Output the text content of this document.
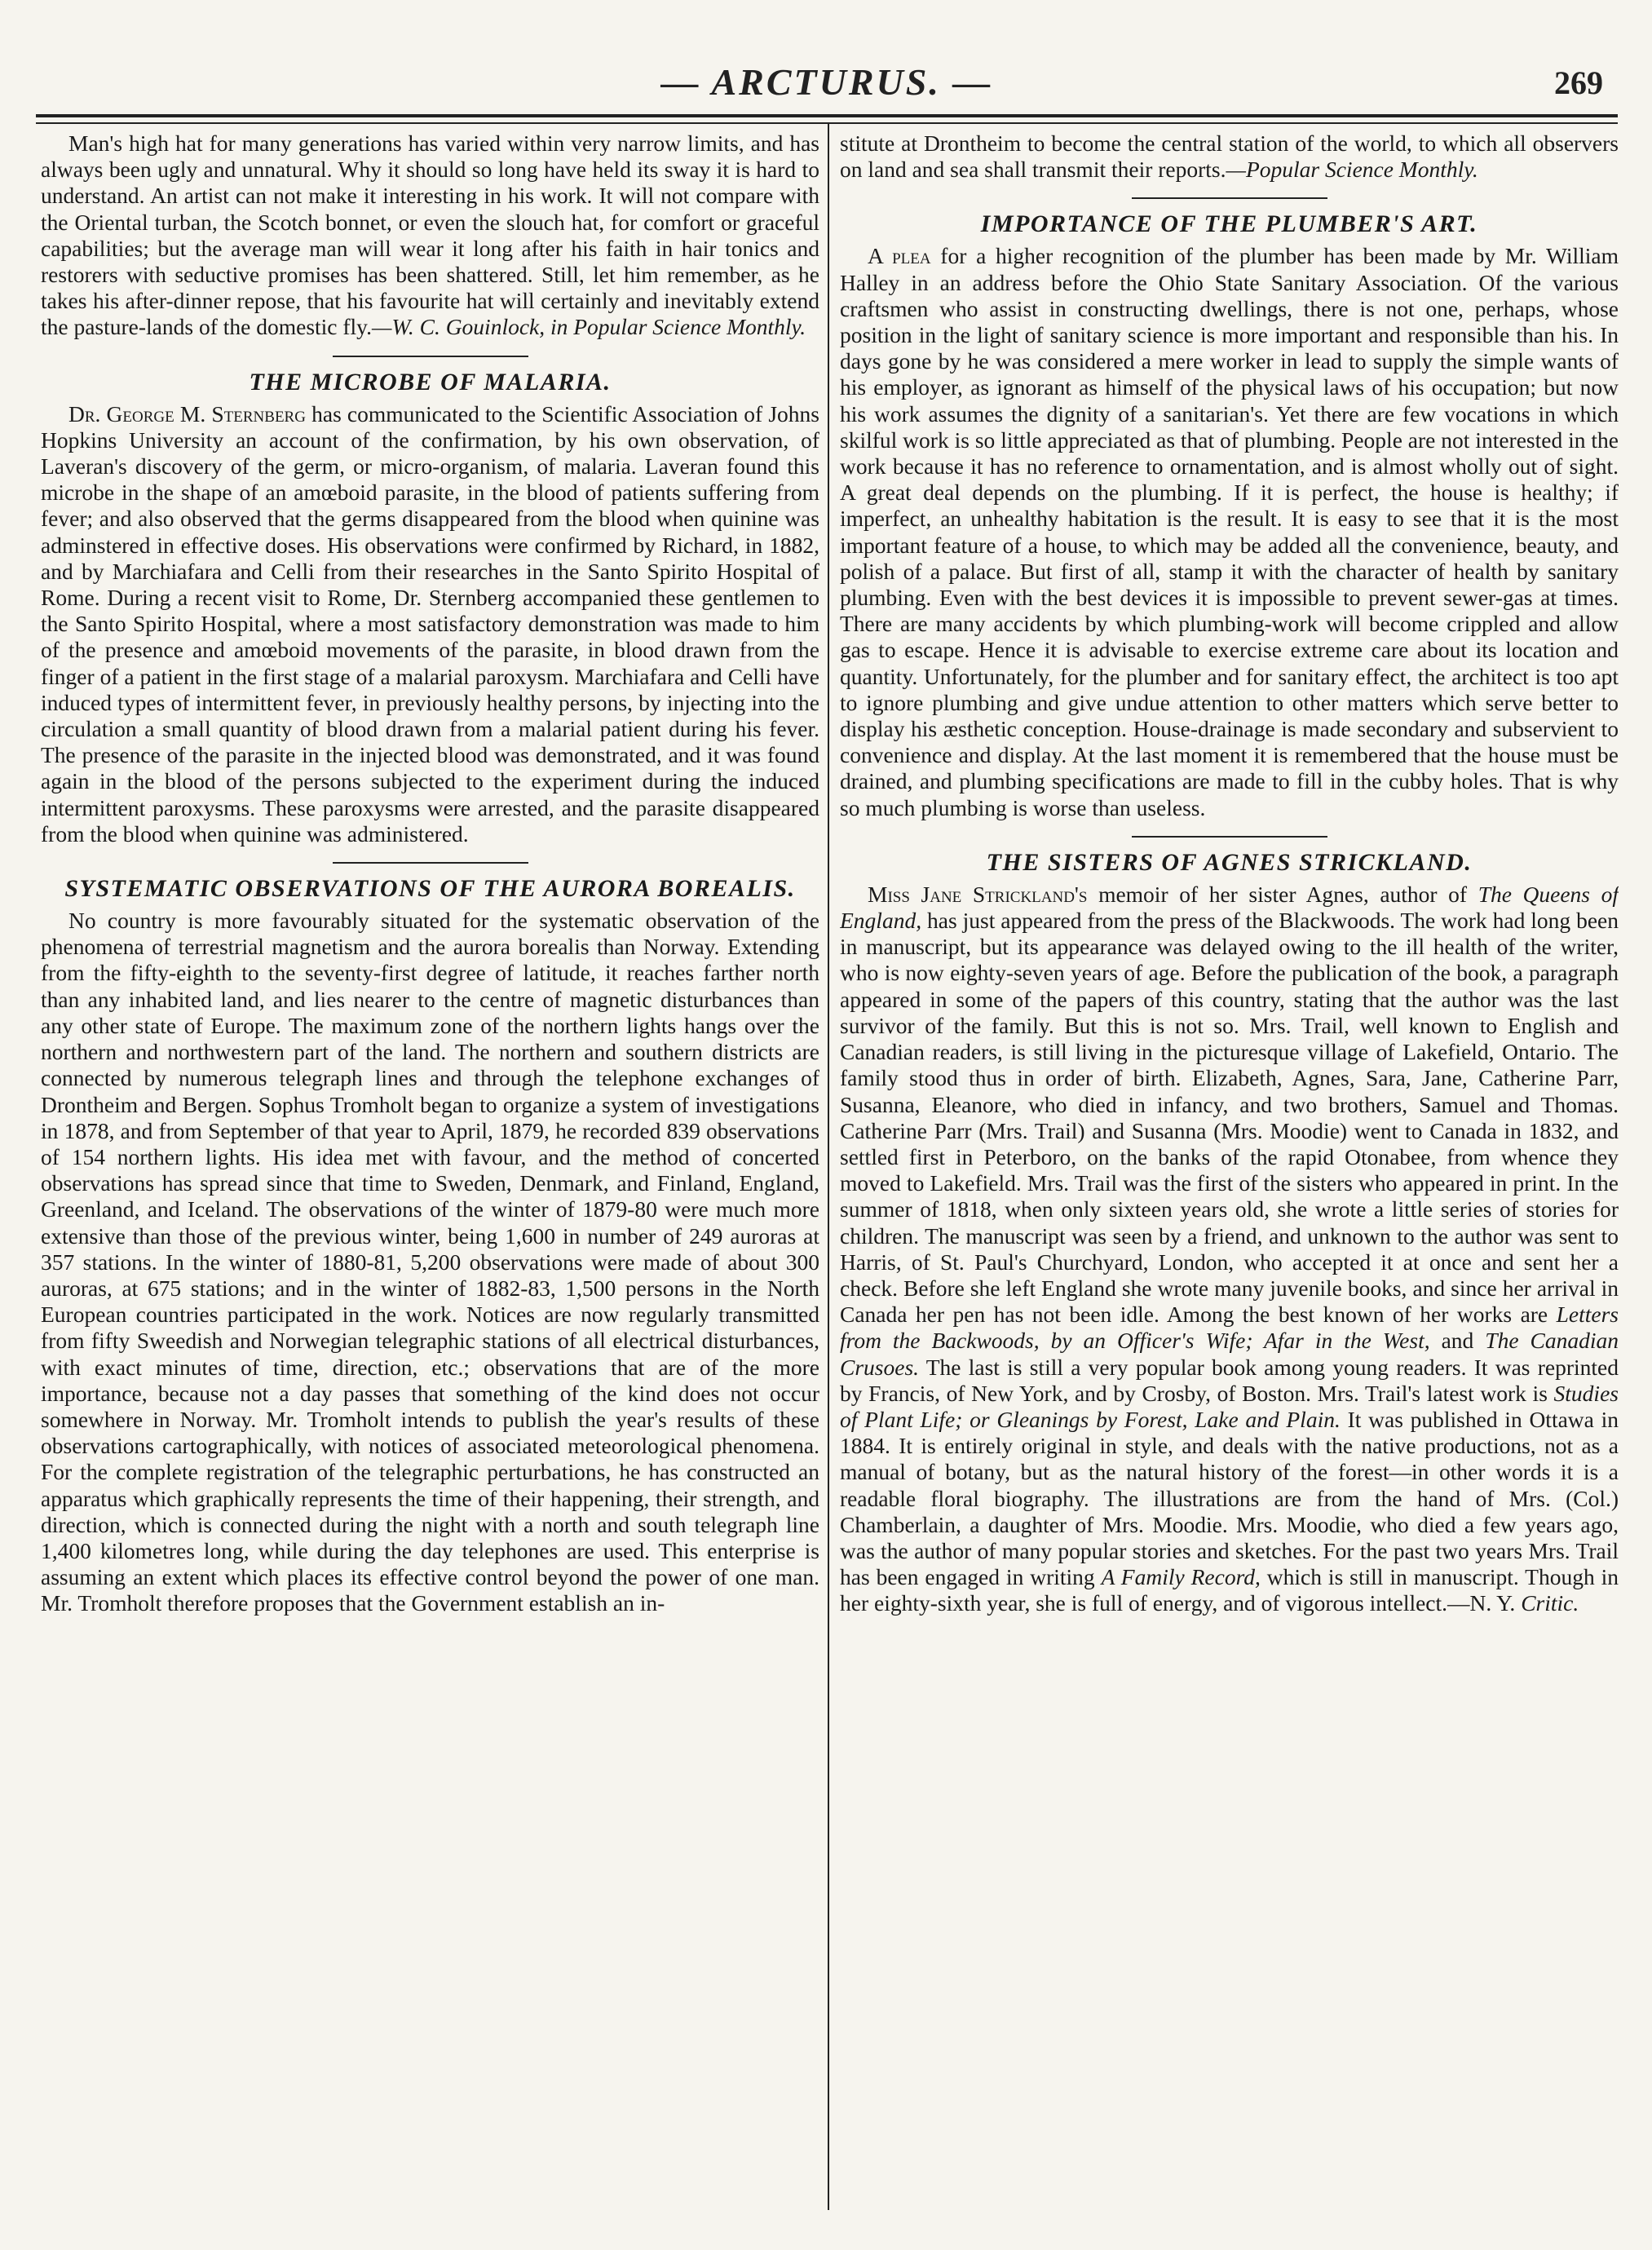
— ARCTURUS. —	269

Man's high hat for many generations has varied within very narrow limits, and has always been ugly and unnatural. Why it should so long have held its sway it is hard to understand. An artist can not make it interesting in his work. It will not compare with the Oriental turban, the Scotch bonnet, or even the slouch hat, for comfort or graceful capabilities; but the average man will wear it long after his faith in hair tonics and restorers with seductive promises has been shattered. Still, let him remember, as he takes his after-dinner repose, that his favourite hat will certainly and inevitably extend the pasture-lands of the domestic fly.—W. C. Gouinlock, in Popular Science Monthly.

THE MICROBE OF MALARIA.

Dr. George M. Sternberg has communicated to the Scientific Association of Johns Hopkins University an account of the confirmation, by his own observation, of Laveran's discovery of the germ, or micro-organism, of malaria. Laveran found this microbe in the shape of an amœboid parasite, in the blood of patients suffering from fever; and also observed that the germs disappeared from the blood when quinine was adminstered in effective doses. His observations were confirmed by Richard, in 1882, and by Marchiafara and Celli from their researches in the Santo Spirito Hospital of Rome. During a recent visit to Rome, Dr. Sternberg accompanied these gentlemen to the Santo Spirito Hospital, where a most satisfactory demonstration was made to him of the presence and amœboid movements of the parasite, in blood drawn from the finger of a patient in the first stage of a malarial paroxysm. Marchiafara and Celli have induced types of intermittent fever, in previously healthy persons, by injecting into the circulation a small quantity of blood drawn from a malarial patient during his fever. The presence of the parasite in the injected blood was demonstrated, and it was found again in the blood of the persons subjected to the experiment during the induced intermittent paroxysms. These paroxysms were arrested, and the parasite disappeared from the blood when quinine was administered.

SYSTEMATIC OBSERVATIONS OF THE AURORA BOREALIS.

No country is more favourably situated for the systematic observation of the phenomena of terrestrial magnetism and the aurora borealis than Norway. Extending from the fifty-eighth to the seventy-first degree of latitude, it reaches farther north than any inhabited land, and lies nearer to the centre of magnetic disturbances than any other state of Europe. The maximum zone of the northern lights hangs over the northern and northwestern part of the land. The northern and southern districts are connected by numerous telegraph lines and through the telephone exchanges of Drontheim and Bergen. Sophus Tromholt began to organize a system of investigations in 1878, and from September of that year to April, 1879, he recorded 839 observations of 154 northern lights. His idea met with favour, and the method of concerted observations has spread since that time to Sweden, Denmark, and Finland, England, Greenland, and Iceland. The observations of the winter of 1879-80 were much more extensive than those of the previous winter, being 1,600 in number of 249 auroras at 357 stations. In the winter of 1880-81, 5,200 observations were made of about 300 auroras, at 675 stations; and in the winter of 1882-83, 1,500 persons in the North European countries participated in the work. Notices are now regularly transmitted from fifty Sweedish and Norwegian telegraphic stations of all electrical disturbances, with exact minutes of time, direction, etc.; observations that are of the more importance, because not a day passes that something of the kind does not occur somewhere in Norway. Mr. Tromholt intends to publish the year's results of these observations cartographically, with notices of associated meteorological phenomena. For the complete registration of the telegraphic perturbations, he has constructed an apparatus which graphically represents the time of their happening, their strength, and direction, which is connected during the night with a north and south telegraph line 1,400 kilometres long, while during the day telephones are used. This enterprise is assuming an extent which places its effective control beyond the power of one man. Mr. Tromholt therefore proposes that the Government establish an in-

stitute at Drontheim to become the central station of the world, to which all observers on land and sea shall transmit their reports.—Popular Science Monthly.

IMPORTANCE OF THE PLUMBER'S ART.

A plea for a higher recognition of the plumber has been made by Mr. William Halley in an address before the Ohio State Sanitary Association. Of the various craftsmen who assist in constructing dwellings, there is not one, perhaps, whose position in the light of sanitary science is more important and responsible than his. In days gone by he was considered a mere worker in lead to supply the simple wants of his employer, as ignorant as himself of the physical laws of his occupation; but now his work assumes the dignity of a sanitarian's. Yet there are few vocations in which skilful work is so little appreciated as that of plumbing. People are not interested in the work because it has no reference to ornamentation, and is almost wholly out of sight. A great deal depends on the plumbing. If it is perfect, the house is healthy; if imperfect, an unhealthy habitation is the result. It is easy to see that it is the most important feature of a house, to which may be added all the convenience, beauty, and polish of a palace. But first of all, stamp it with the character of health by sanitary plumbing. Even with the best devices it is impossible to prevent sewer-gas at times. There are many accidents by which plumbing-work will become crippled and allow gas to escape. Hence it is advisable to exercise extreme care about its location and quantity. Unfortunately, for the plumber and for sanitary effect, the architect is too apt to ignore plumbing and give undue attention to other matters which serve better to display his æsthetic conception. House-drainage is made secondary and subservient to convenience and display. At the last moment it is remembered that the house must be drained, and plumbing specifications are made to fill in the cubby holes. That is why so much plumbing is worse than useless.

THE SISTERS OF AGNES STRICKLAND.

Miss Jane Strickland's memoir of her sister Agnes, author of The Queens of England, has just appeared from the press of the Blackwoods. The work had long been in manuscript, but its appearance was delayed owing to the ill health of the writer, who is now eighty-seven years of age. Before the publication of the book, a paragraph appeared in some of the papers of this country, stating that the author was the last survivor of the family. But this is not so. Mrs. Trail, well known to English and Canadian readers, is still living in the picturesque village of Lakefield, Ontario. The family stood thus in order of birth. Elizabeth, Agnes, Sara, Jane, Catherine Parr, Susanna, Eleanore, who died in infancy, and two brothers, Samuel and Thomas. Catherine Parr (Mrs. Trail) and Susanna (Mrs. Moodie) went to Canada in 1832, and settled first in Peterboro, on the banks of the rapid Otonabee, from whence they moved to Lakefield. Mrs. Trail was the first of the sisters who appeared in print. In the summer of 1818, when only sixteen years old, she wrote a little series of stories for children. The manuscript was seen by a friend, and unknown to the author was sent to Harris, of St. Paul's Churchyard, London, who accepted it at once and sent her a check. Before she left England she wrote many juvenile books, and since her arrival in Canada her pen has not been idle. Among the best known of her works are Letters from the Backwoods, by an Officer's Wife; Afar in the West, and The Canadian Crusoes. The last is still a very popular book among young readers. It was reprinted by Francis, of New York, and by Crosby, of Boston. Mrs. Trail's latest work is Studies of Plant Life; or Gleanings by Forest, Lake and Plain. It was published in Ottawa in 1884. It is entirely original in style, and deals with the native productions, not as a manual of botany, but as the natural history of the forest—in other words it is a readable floral biography. The illustrations are from the hand of Mrs. (Col.) Chamberlain, a daughter of Mrs. Moodie. Mrs. Moodie, who died a few years ago, was the author of many popular stories and sketches. For the past two years Mrs. Trail has been engaged in writing A Family Record, which is still in manuscript. Though in her eighty-sixth year, she is full of energy, and of vigorous intellect.—N. Y. Critic.
